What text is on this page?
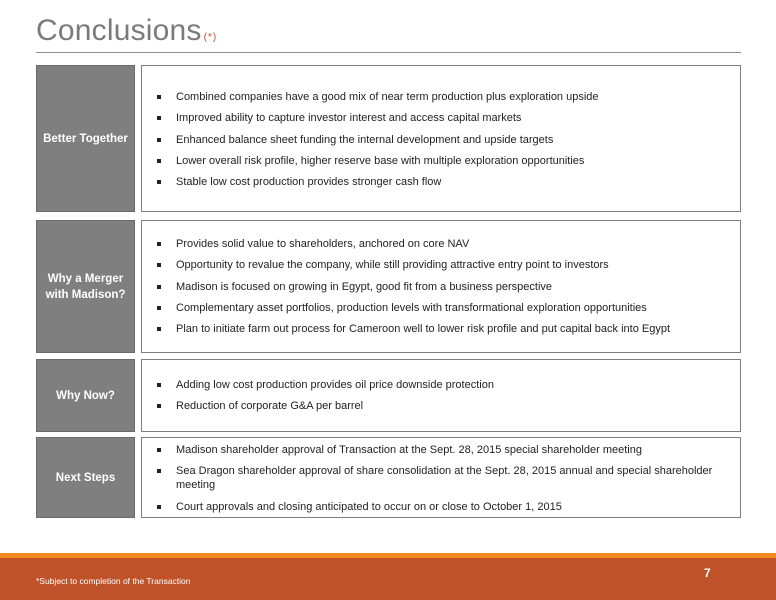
Conclusions (*)
Better Together
Combined companies have a good mix of near term production plus exploration upside
Improved ability to capture investor interest and access capital markets
Enhanced balance sheet funding the internal development and upside targets
Lower overall risk profile, higher reserve base with multiple exploration opportunities
Stable low cost production provides stronger cash flow
Why a Merger with Madison?
Provides solid value to shareholders, anchored on core NAV
Opportunity to revalue the company, while still providing attractive entry point to investors
Madison is focused on growing in Egypt, good fit from a business perspective
Complementary asset portfolios, production levels with transformational exploration opportunities
Plan to initiate farm out process for Cameroon well to lower risk profile and put capital back into Egypt
Why Now?
Adding low cost production provides oil price downside protection
Reduction of corporate G&A per barrel
Next Steps
Madison shareholder approval of Transaction at the Sept. 28, 2015 special shareholder meeting
Sea Dragon shareholder approval of share consolidation at the Sept. 28, 2015 annual and special shareholder meeting
Court approvals and closing anticipated to occur on or close to October 1, 2015
*Subject to completion of the Transaction
7
